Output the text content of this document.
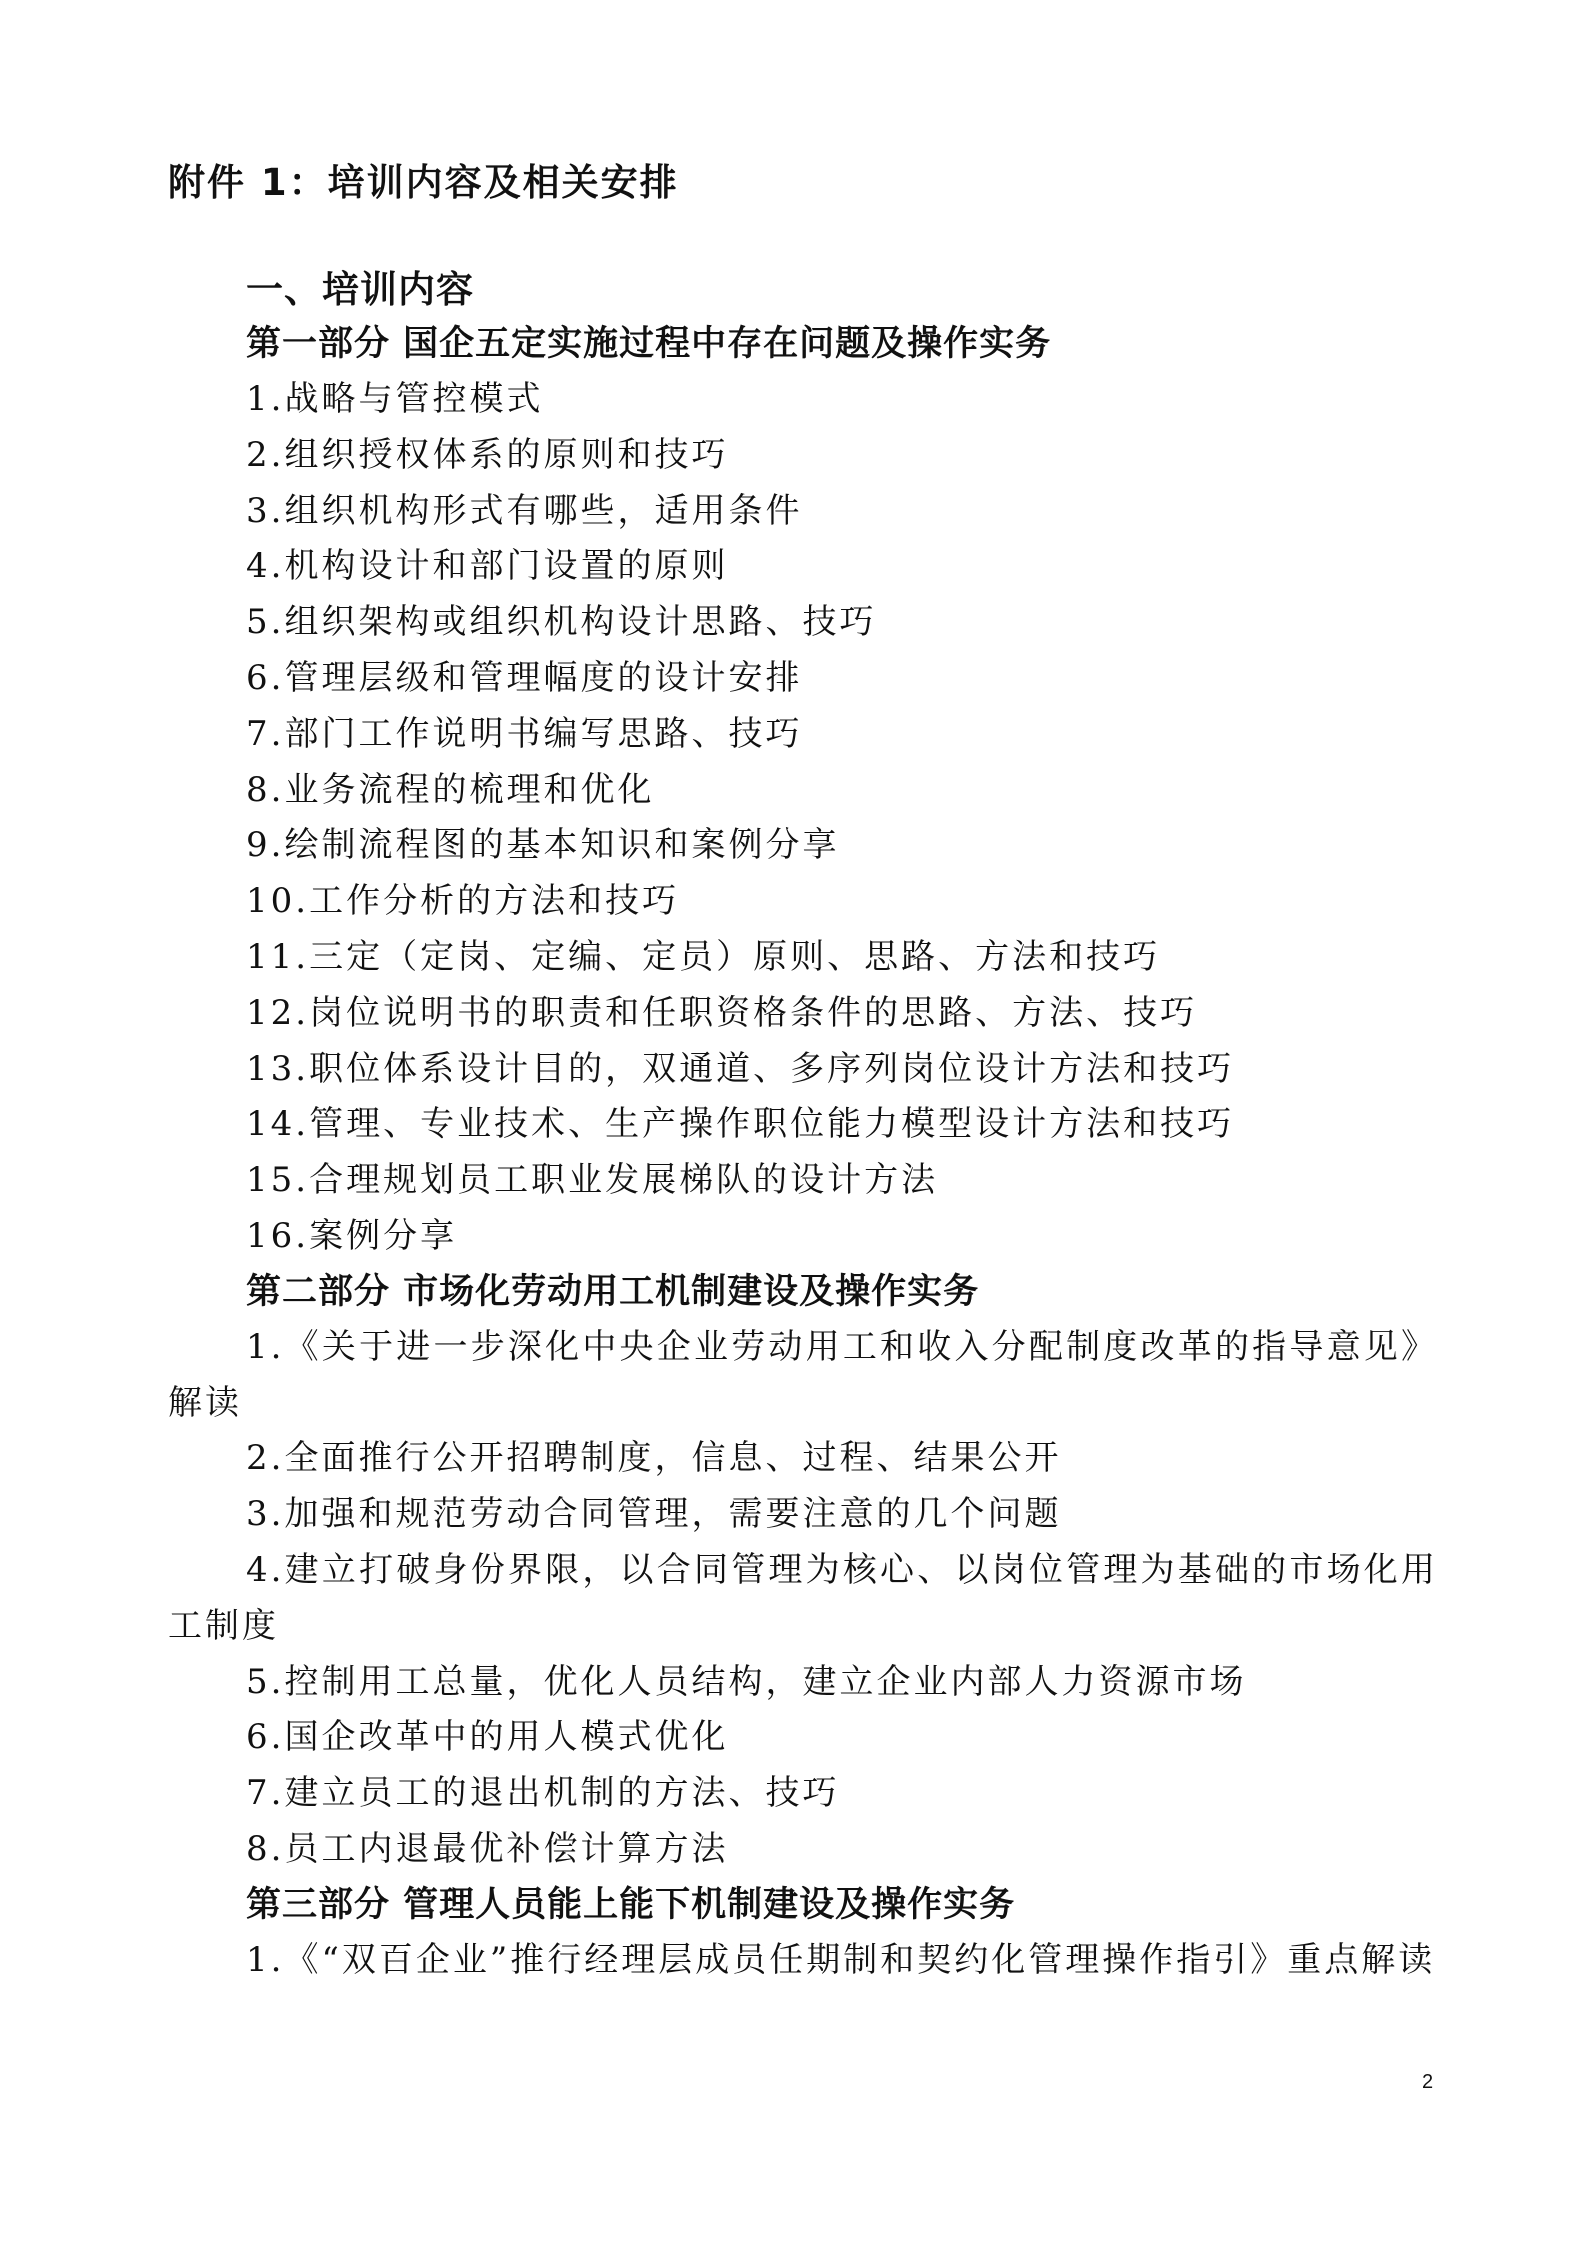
附件 1：培训内容及相关安排
一、培训内容
第一部分 国企五定实施过程中存在问题及操作实务

1.战略与管控模式

2.组织授权体系的原则和技巧

3.组织机构形式有哪些，适用条件

4.机构设计和部门设置的原则

5.组织架构或组织机构设计思路、技巧

6.管理层级和管理幅度的设计安排

7.部门工作说明书编写思路、技巧

8.业务流程的梳理和优化

9.绘制流程图的基本知识和案例分享

10.工作分析的方法和技巧

11.三定（定岗、定编、定员）原则、思路、方法和技巧

12.岗位说明书的职责和任职资格条件的思路、方法、技巧

13.职位体系设计目的，双通道、多序列岗位设计方法和技巧

14.管理、专业技术、生产操作职位能力模型设计方法和技巧

15.合理规划员工职业发展梯队的设计方法

16.案例分享

第二部分 市场化劳动用工机制建设及操作实务

1.《关于进一步深化中央企业劳动用工和收入分配制度改革的指导意见》解读

2.全面推行公开招聘制度，信息、过程、结果公开

3.加强和规范劳动合同管理，需要注意的几个问题

4.建立打破身份界限，以合同管理为核心、以岗位管理为基础的市场化用工制度

5.控制用工总量，优化人员结构，建立企业内部人力资源市场

6.国企改革中的用人模式优化

7.建立员工的退出机制的方法、技巧

8.员工内退最优补偿计算方法

第三部分 管理人员能上能下机制建设及操作实务

1.《“双百企业”推行经理层成员任期制和契约化管理操作指引》重点解读

2
